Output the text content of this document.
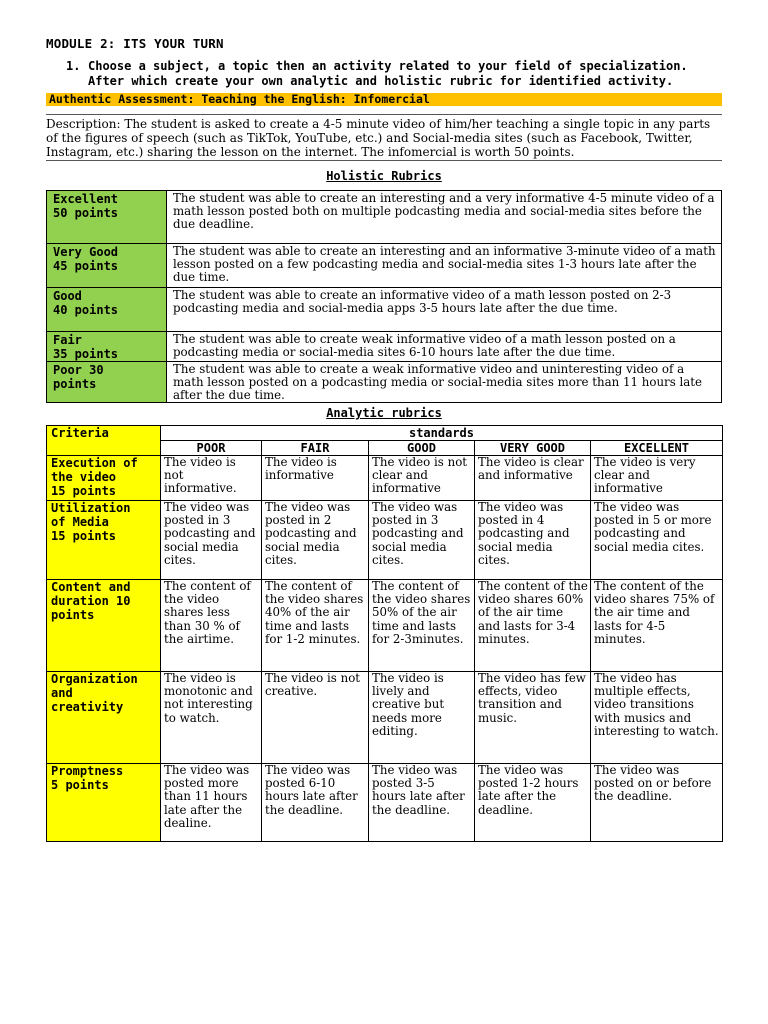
MODULE 2: ITS YOUR TURN
1. Choose a subject, a topic then an activity related to your field of specialization. After which create your own analytic and holistic rubric for identified activity.
Authentic Assessment: Teaching the English: Infomercial
Description: The student is asked to create a 4-5 minute video of him/her teaching a single topic in any parts of the figures of speech (such as TikTok, YouTube, etc.) and Social-media sites (such as Facebook, Twitter, Instagram, etc.) sharing the lesson on the internet. The infomercial is worth 50 points.
Holistic Rubrics
Excellent
50 points	The student was able to create an interesting and a very informative 4-5 minute video of a math lesson posted both on multiple podcasting media and social-media sites before the due deadline.
Very Good
45 points	The student was able to create an interesting and an informative 3-minute video of a math lesson posted on a few podcasting media and social-media sites 1-3 hours late after the due time.
Good
40 points	The student was able to create an informative video of a math lesson posted on 2-3 podcasting media and social-media apps 3-5 hours late after the due time.
Fair
35 points	The student was able to create weak informative video of a math lesson posted on a podcasting media or social-media sites 6-10 hours late after the due time.
Poor 30
points	The student was able to create a weak informative video and uninteresting video of a math lesson posted on a podcasting media or social-media sites more than 11 hours late after the due time.
Analytic rubrics
Criteria	standards				
	POOR	FAIR	GOOD	VERY GOOD	EXCELLENT
Execution of
the video
15 points	The video is not informative.	The video is informative	The video is not clear and informative	The video is clear and informative	The video is very clear and informative
Utilization
of Media
15 points	The video was posted in 3 podcasting and social media cites.	The video was posted in 2 podcasting and social media cites.	The video was posted in 3 podcasting and social media cites.	The video was posted in 4 podcasting and social media cites.	The video was posted in 5 or more podcasting and social media cites.
Content and
duration 10
points	The content of the video shares less than 30 % of the airtime.	The content of the video shares 40% of the air time and lasts for 1-2 minutes.	The content of the video shares 50% of the air time and lasts for 2-3minutes.	The content of the video shares 60% of the air time and lasts for 3-4 minutes.	The content of the video shares 75% of the air time and lasts for 4-5 minutes.
Organization
and
creativity	The video is monotonic and not interesting to watch.	The video is not creative.	The video is lively and creative but needs more editing.	The video has few effects, video transition and music.	The video has multiple effects, video transitions with musics and interesting to watch.
Promptness
5 points	The video was posted more than 11 hours late after the dealine.	The video was posted 6-10 hours late after the deadline.	The video was posted 3-5 hours late after the deadline.	The video was posted 1-2 hours late after the deadline.	The video was posted on or before the deadline.
